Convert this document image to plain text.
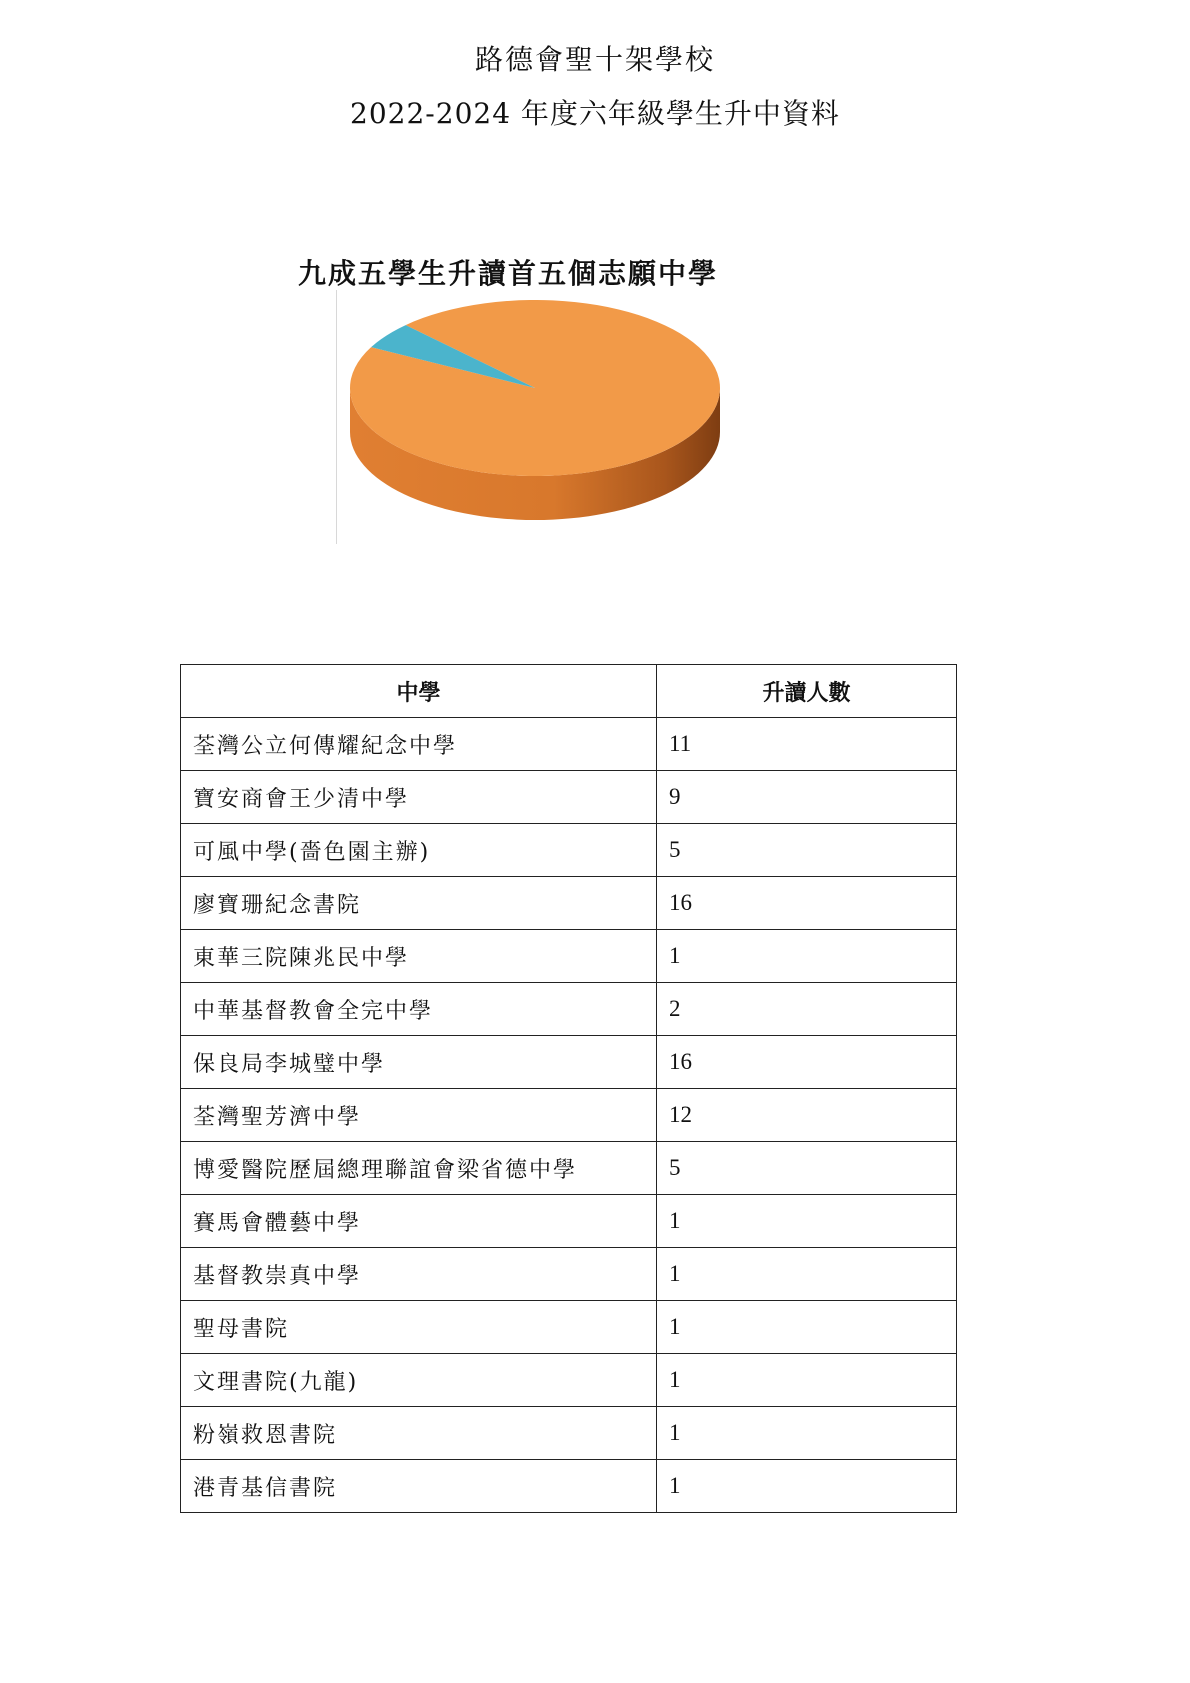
路德會聖十架學校
2022-2024 年度六年級學生升中資料
九成五學生升讀首五個志願中學
中學	升讀人數
荃灣公立何傳耀紀念中學	11
寶安商會王少清中學	9
可風中學(嗇色園主辦)	5
廖寶珊紀念書院	16
東華三院陳兆民中學	1
中華基督教會全完中學	2
保良局李城璧中學	16
荃灣聖芳濟中學	12
博愛醫院歷屆總理聯誼會梁省德中學	5
賽馬會體藝中學	1
基督教崇真中學	1
聖母書院	1
文理書院(九龍)	1
粉嶺救恩書院	1
港青基信書院	1
